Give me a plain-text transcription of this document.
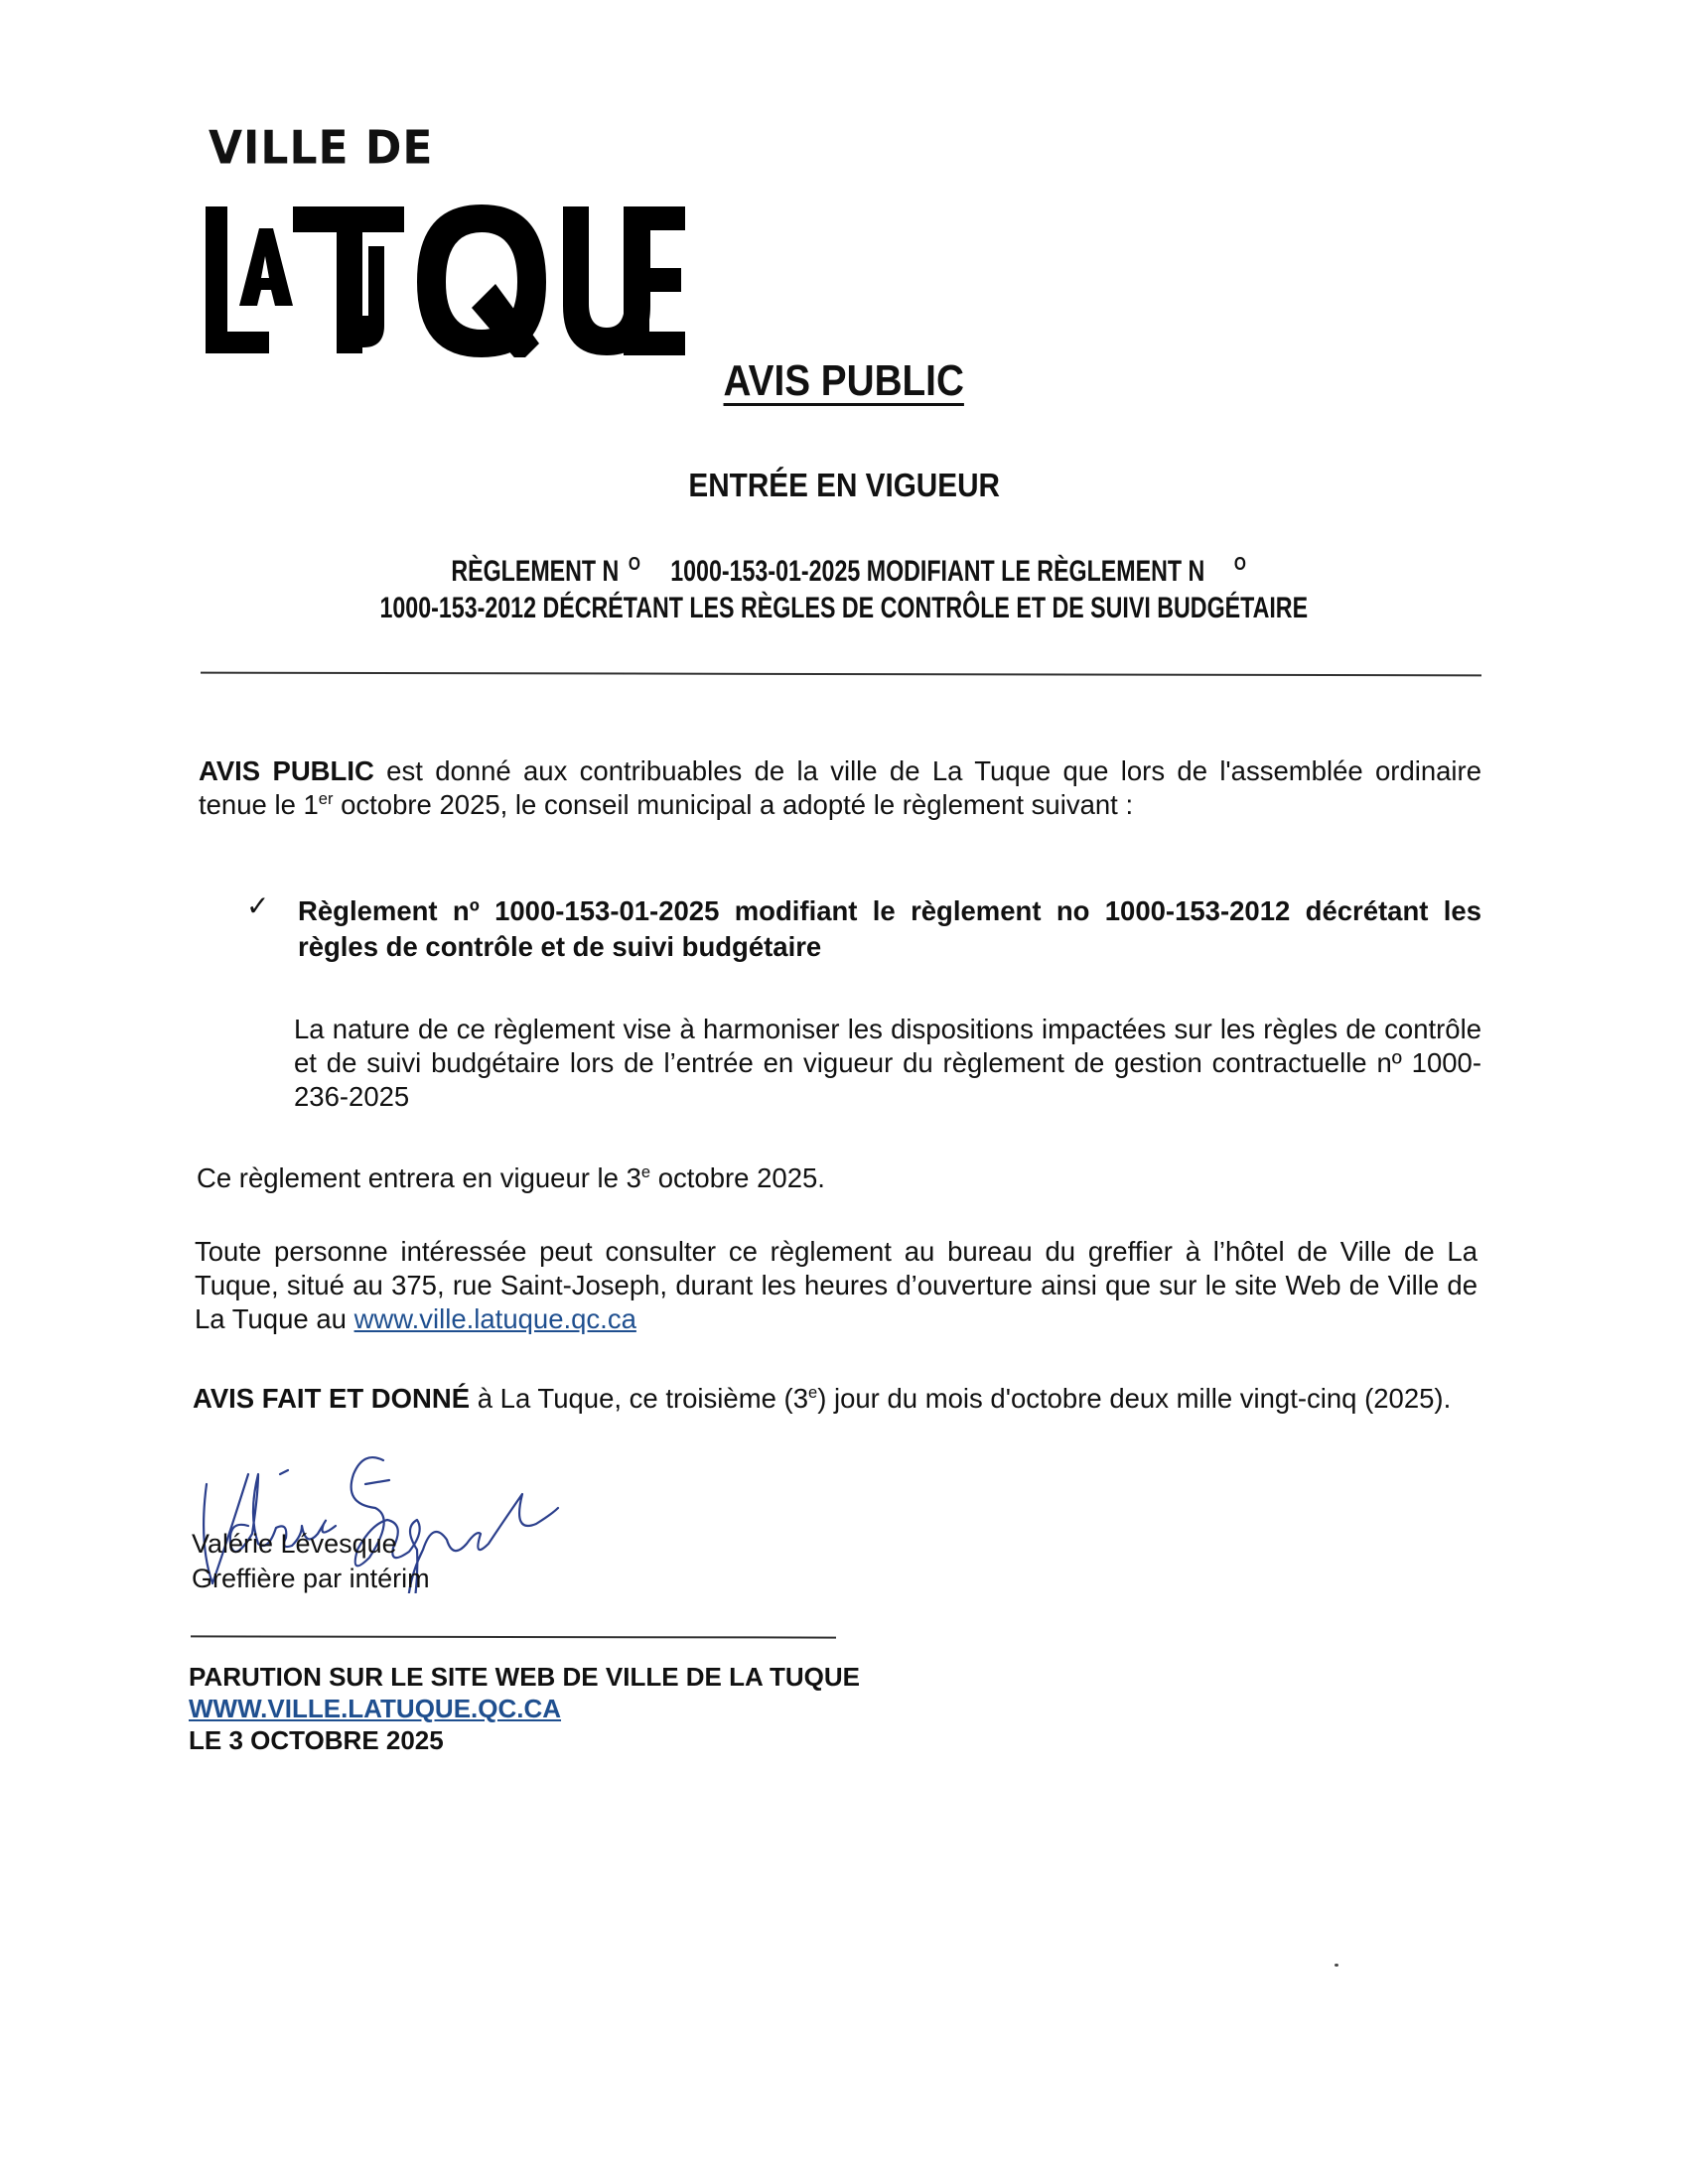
VILLE DE
AVIS PUBLIC
ENTRÉE EN VIGUEUR
RÈGLEMENT N $^O$1000-153-01-2025 MODIFIANT LE RÈGLEMENT N $^O$1000-153-2012 DÉCRÉTANT LES RÈGLES DE CONTRÔLE ET DE SUIVI BUDGÉTAIRE
AVIS PUBLIC est donné aux contribuables de la ville de La Tuque que lors de l'assemblée ordinaire tenue le 1er octobre 2025, le conseil municipal a adopté le règlement suivant :
✓ Règlement nº 1000-153-01-2025 modifiant le règlement no 1000-153-2012 décrétant les règles de contrôle et de suivi budgétaire
La nature de ce règlement vise à harmoniser les dispositions impactées sur les règles de contrôle et de suivi budgétaire lors de l’entrée en vigueur du règlement de gestion contractuelle nº 1000-236-2025
Ce règlement entrera en vigueur le 3e octobre 2025.
Toute personne intéressée peut consulter ce règlement au bureau du greffier à l’hôtel de Ville de La Tuque, situé au 375, rue Saint-Joseph, durant les heures d’ouverture ainsi que sur le site Web de Ville de La Tuque au www.ville.latuque.qc.ca
AVIS FAIT ET DONNÉ à La Tuque, ce troisième (3e) jour du mois d'octobre deux mille vingt-cinq (2025).
Valérie Lévesque
Greffière par intérim
PARUTION SUR LE SITE WEB DE VILLE DE LA TUQUE
WWW.VILLE.LATUQUE.QC.CA
LE 3 OCTOBRE 2025
